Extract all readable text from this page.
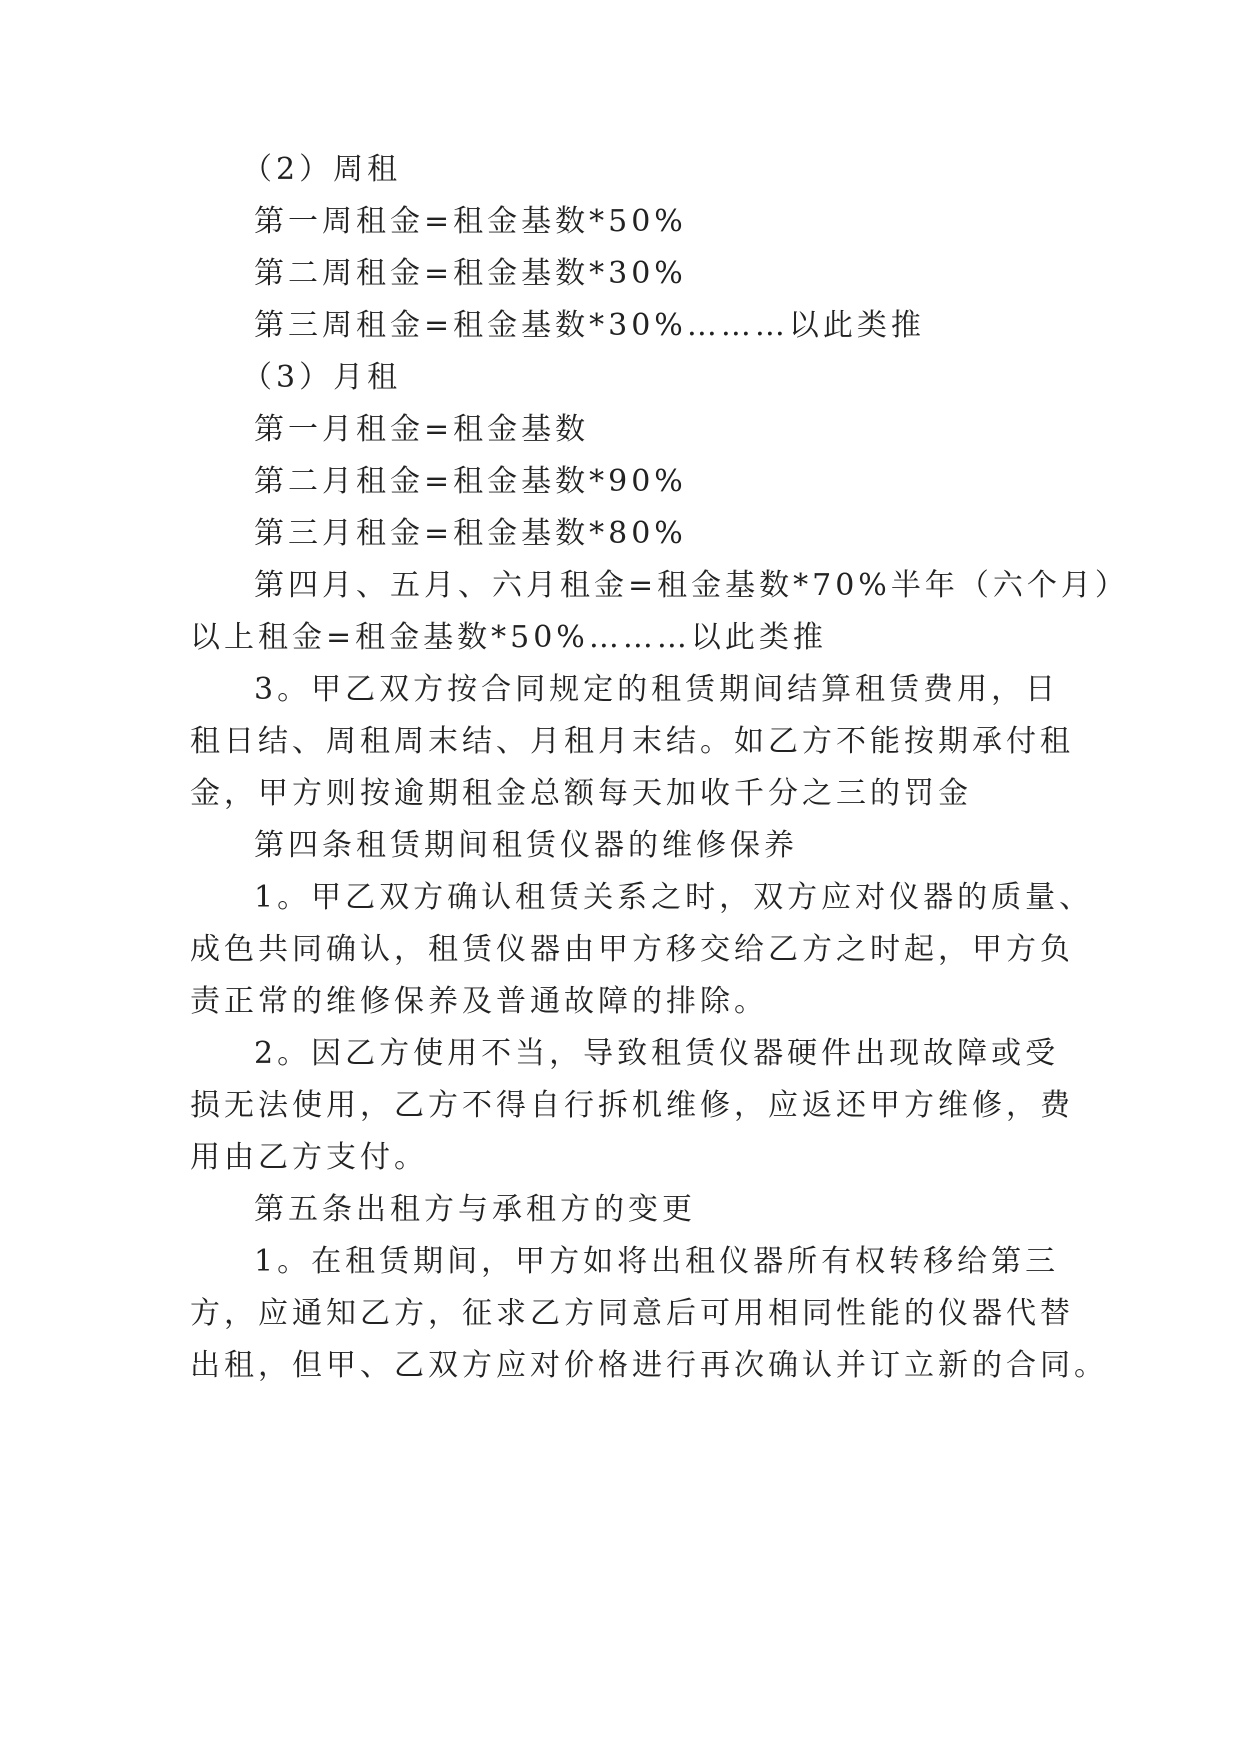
（2）周租
第一周租金=租金基数*50%
第二周租金=租金基数*30%
第三周租金=租金基数*30%………以此类推
（3）月租
第一月租金=租金基数
第二月租金=租金基数*90%
第三月租金=租金基数*80%
第四月、五月、六月租金=租金基数*70%半年（六个月）
以上租金=租金基数*50%………以此类推
3。甲乙双方按合同规定的租赁期间结算租赁费用，日
租日结、周租周末结、月租月末结。如乙方不能按期承付租
金，甲方则按逾期租金总额每天加收千分之三的罚金
第四条租赁期间租赁仪器的维修保养
1。甲乙双方确认租赁关系之时，双方应对仪器的质量、
成色共同确认，租赁仪器由甲方移交给乙方之时起，甲方负
责正常的维修保养及普通故障的排除。
2。因乙方使用不当，导致租赁仪器硬件出现故障或受
损无法使用，乙方不得自行拆机维修，应返还甲方维修，费
用由乙方支付。
第五条出租方与承租方的变更
1。在租赁期间，甲方如将出租仪器所有权转移给第三
方，应通知乙方，征求乙方同意后可用相同性能的仪器代替
出租，但甲、乙双方应对价格进行再次确认并订立新的合同。
